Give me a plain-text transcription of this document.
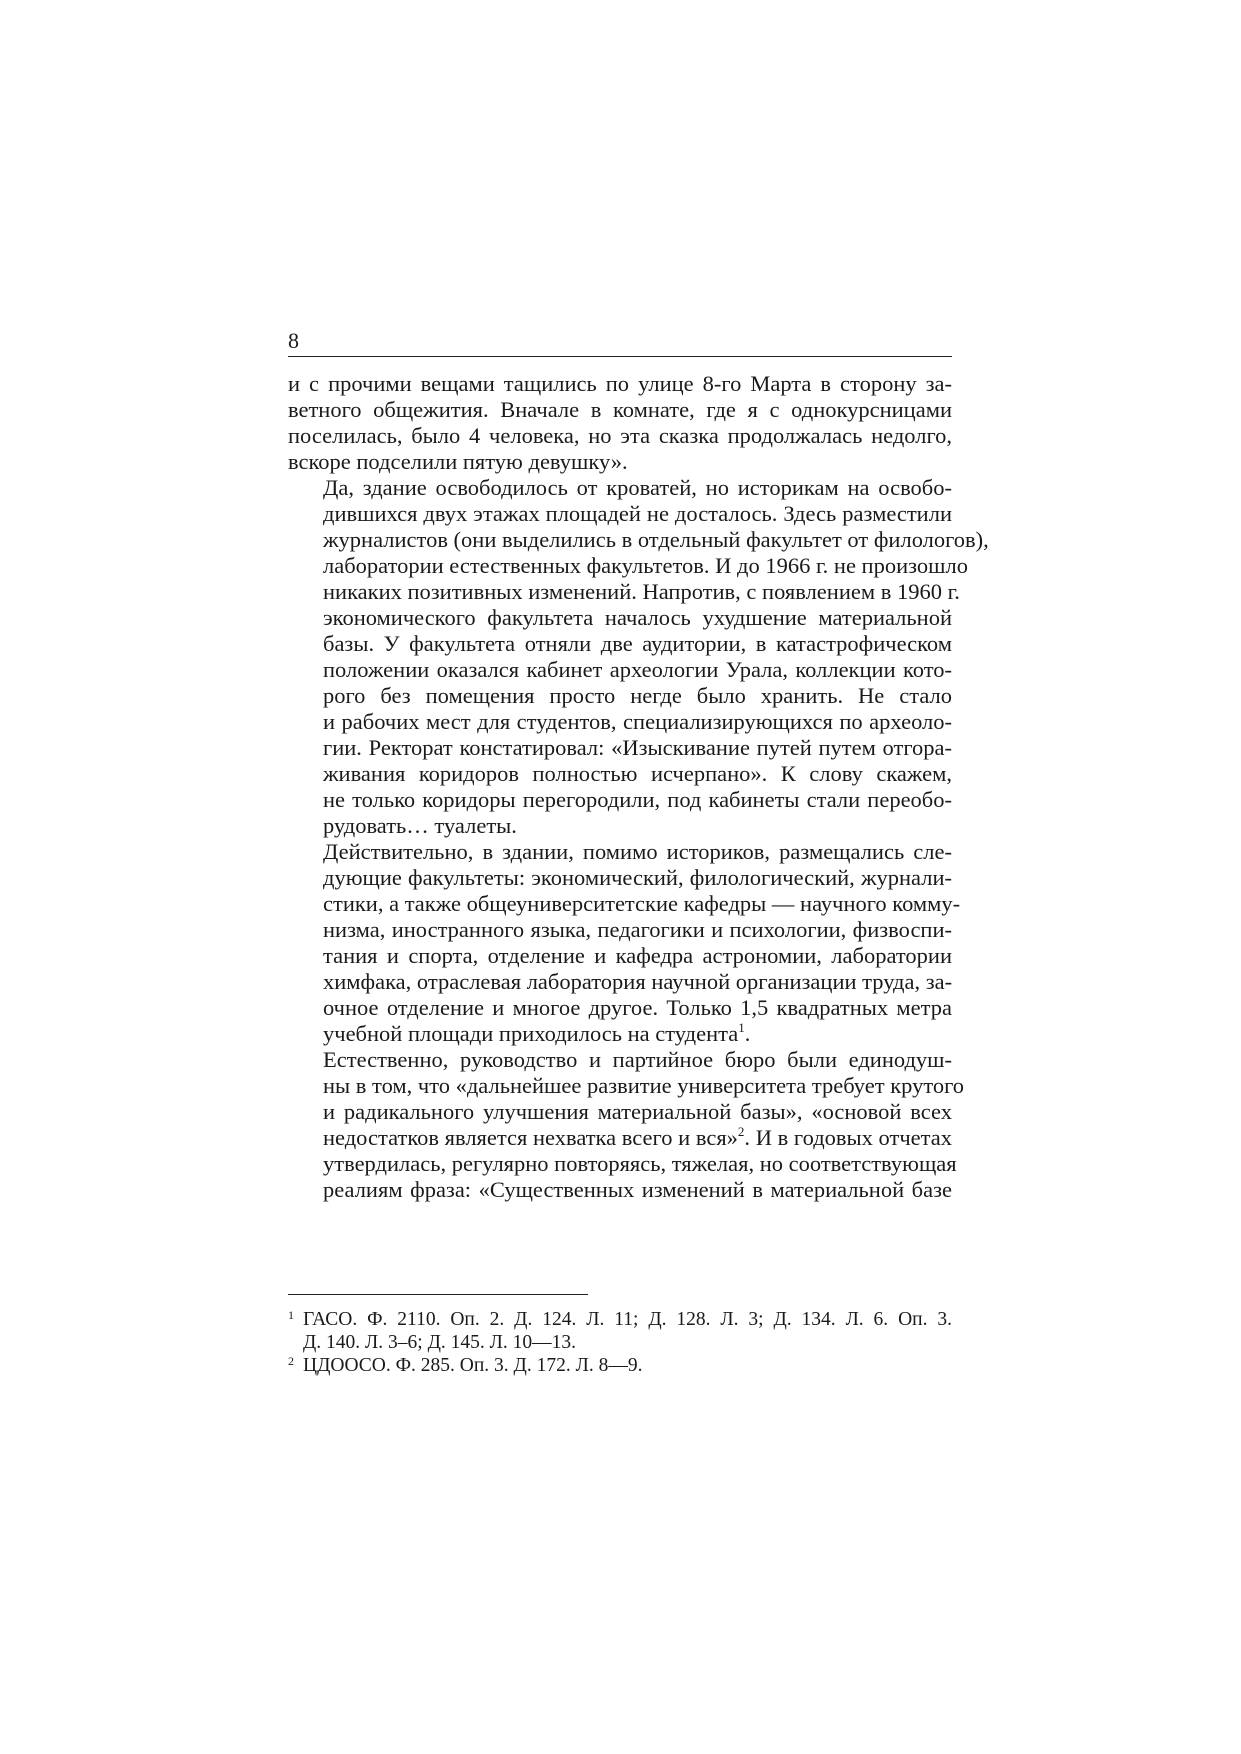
8

и с прочими вещами тащились по улице 8-го Марта в сторону за-
ветного общежития. Вначале в комнате, где я с однокурсницами
поселилась, было 4 человека, но эта сказка продолжалась недолго,
вскоре подселили пятую девушку».

Да, здание освободилось от кроватей, но историкам на освобо-
дившихся двух этажах площадей не досталось. Здесь разместили
журналистов (они выделились в отдельный факультет от филологов),
лаборатории естественных факультетов. И до 1966 г. не произошло
никаких позитивных изменений. Напротив, с появлением в 1960 г.
экономического факультета началось ухудшение материальной
базы. У факультета отняли две аудитории, в катастрофическом
положении оказался кабинет археологии Урала, коллекции кото-
рого без помещения просто негде было хранить. Не стало
и рабочих мест для студентов, специализирующихся по археоло-
гии. Ректорат констатировал: «Изыскивание путей путем отгора-
живания коридоров полностью исчерпано». К слову скажем,
не только коридоры перегородили, под кабинеты стали переобо-
рудовать… туалеты.

Действительно, в здании, помимо историков, размещались сле-
дующие факультеты: экономический, филологический, журнали-
стики, а также общеуниверситетские кафедры — научного комму-
низма, иностранного языка, педагогики и психологии, физвоспи-
тания и спорта, отделение и кафедра астрономии, лаборатории
химфака, отраслевая лаборатория научной организации труда, за-
очное отделение и многое другое. Только 1,5 квадратных метра
учебной площади приходилось на студента$^1$.

Естественно, руководство и партийное бюро были единодуш-
ны в том, что «дальнейшее развитие университета требует крутого
и радикального улучшения материальной базы», «основой всех
недостатков является нехватка всего и вся»$^2$. И в годовых отчетах
утвердилась, регулярно повторяясь, тяжелая, но соответствующая
реалиям фраза: «Существенных изменений в материальной базе

1 ГАСО. Ф. 2110. Оп. 2. Д. 124. Л. 11; Д. 128. Л. 3; Д. 134. Л. 6. Оп. 3.
Д. 140. Л. 3–6; Д. 145. Л. 10—13.
2 ЦДООСО. Ф. 285. Оп. 3. Д. 172. Л. 8—9.
